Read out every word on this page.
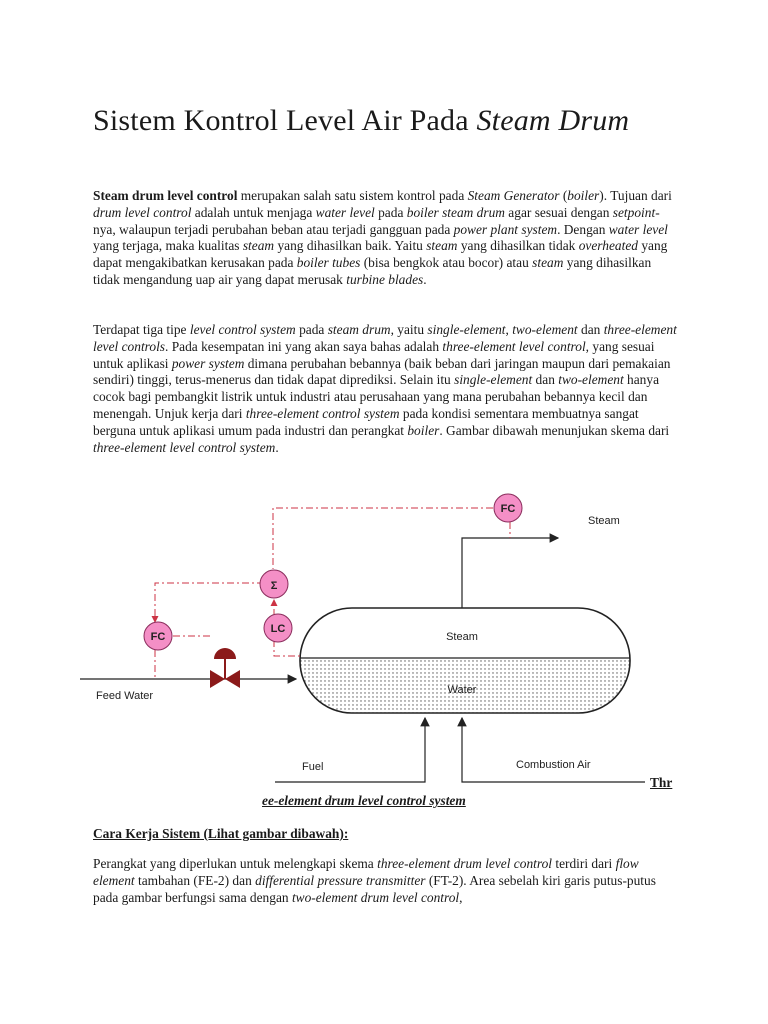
Sistem Kontrol Level Air Pada Steam Drum

Steam drum level control merupakan salah satu sistem kontrol pada Steam Generator (boiler). Tujuan dari drum level control adalah untuk menjaga water level pada boiler steam drum agar sesuai dengan setpoint-nya, walaupun terjadi perubahan beban atau terjadi gangguan pada power plant system. Dengan water level yang terjaga, maka kualitas steam yang dihasilkan baik. Yaitu steam yang dihasilkan tidak overheated yang dapat mengakibatkan kerusakan pada boiler tubes (bisa bengkok atau bocor) atau steam yang dihasilkan tidak mengandung uap air yang dapat merusak turbine blades.

Terdapat tiga tipe level control system pada steam drum, yaitu single-element, two-element dan three-element level controls. Pada kesempatan ini yang akan saya bahas adalah three-element level control, yang sesuai untuk aplikasi power system dimana perubahan bebannya (baik beban dari jaringan maupun dari pemakaian sendiri) tinggi, terus-menerus dan tidak dapat diprediksi. Selain itu single-element dan two-element hanya cocok bagi pembangkit listrik untuk industri atau perusahaan yang mana perubahan bebannya kecil dan menengah. Unjuk kerja dari three-element control system pada kondisi sementara membuatnya sangat berguna untuk aplikasi umum pada industri dan perangkat boiler. Gambar dibawah menunjukan skema dari three-element level control system.

Steam
Water
Steam
Feed Water
Fuel	Combustion Air
FC
Σ
LC
FC
Thr
ee-element drum level control system
Cara Kerja Sistem (Lihat gambar dibawah):

Perangkat yang diperlukan untuk melengkapi skema three-element drum level control terdiri dari flow element tambahan (FE-2) dan differential pressure transmitter (FT-2). Area sebelah kiri garis putus-putus pada gambar berfungsi sama dengan two-element drum level control,
